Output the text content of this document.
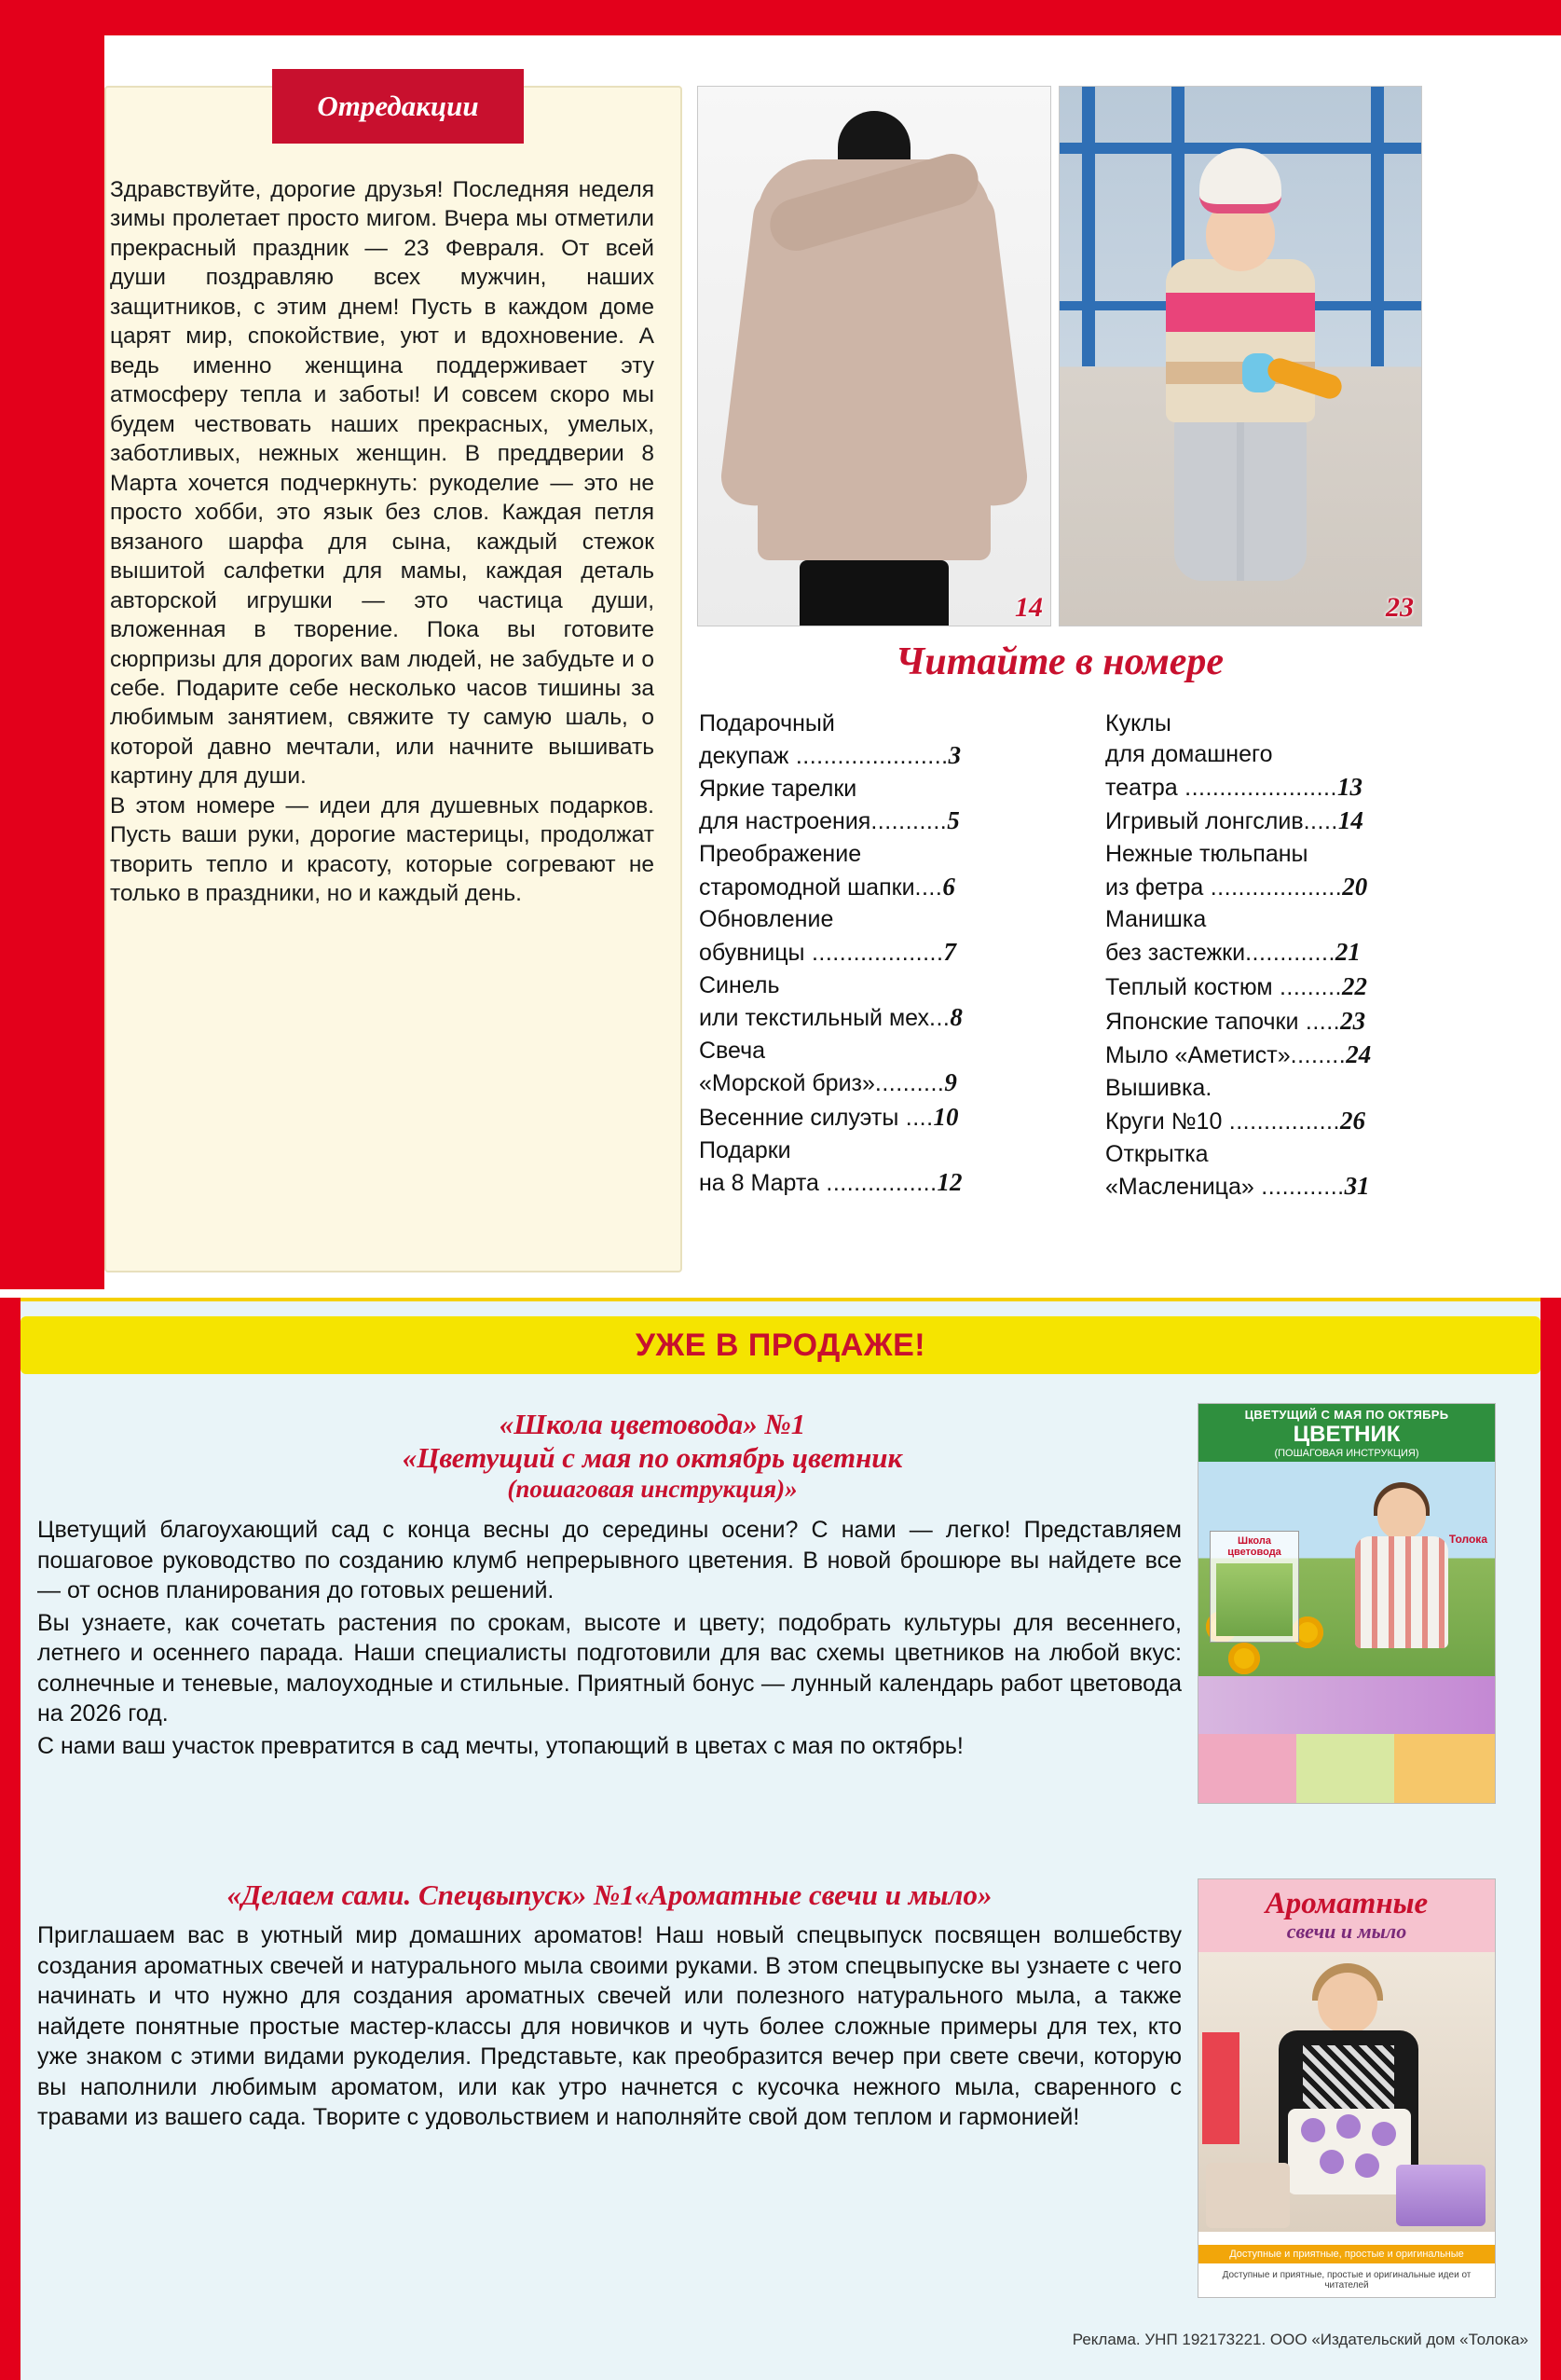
От редакции

Здравствуйте, дорогие друзья! Последняя неделя зимы пролетает просто мигом. Вчера мы отметили прекрасный праздник — 23 Февраля. От всей души поздравляю всех мужчин, наших защитников, с этим днем! Пусть в каждом доме царят мир, спокойствие, уют и вдохновение. А ведь именно женщина поддерживает эту атмосферу тепла и заботы! И совсем скоро мы будем чествовать наших прекрасных, умелых, заботливых, нежных женщин. В преддверии 8 Марта хочется подчеркнуть: рукоделие — это не просто хобби, это язык без слов. Каждая петля вязаного шарфа для сына, каждый стежок вышитой салфетки для мамы, каждая деталь авторской игрушки — это частица души, вложенная в творение. Пока вы готовите сюрпризы для дорогих вам людей, не забудьте и о себе. Подарите себе несколько часов тишины за любимым занятием, свяжите ту самую шаль, о которой давно мечтали, или начните вышивать картину для души.

В этом номере — идеи для душевных подарков. Пусть ваши руки, дорогие мастерицы, продолжат творить тепло и красоту, которые согревают не только в праздники, но и каждый день.

14	23
Читайте в номере
Подарочный
декупаж ......................3
Яркие тарелки
для настроения...........5
Преображение
старомодной шапки....6
Обновление
обувницы ...................7
Синель
или текстильный мех...8
Свеча
«Морской бриз»..........9
Весенние силуэты ....10
Подарки
на 8 Марта ................12
Куклы
для домашнего
театра ......................13
Игривый лонгслив.....14
Нежные тюльпаны
из фетра ...................20
Манишка
без застежки.............21
Теплый костюм .........22
Японские тапочки .....23
Мыло «Аметист»........24
Вышивка.
Круги №10 ................26
Открытка
«Масленица» ............31
УЖЕ В ПРОДАЖЕ!
«Школа цветовода» №1
«Цветущий с мая по октябрь цветник
(пошаговая инструкция)»

Цветущий благоухающий сад с конца весны до середины осени? С нами — легко! Представляем пошаговое руководство по созданию клумб непрерывного цветения. В новой брошюре вы найдете все — от основ планирования до готовых решений.

Вы узнаете, как сочетать растения по срокам, высоте и цвету; подобрать культуры для весеннего, летнего и осеннего парада. Наши специалисты подготовили для вас схемы цветников на любой вкус: солнечные и теневые, малоуходные и стильные. Приятный бонус — лунный календарь работ цветовода на 2026 год.

С нами ваш участок превратится в сад мечты, утопающий в цветах с мая по октябрь!

ЦВЕТУЩИЙ С МАЯ ПО ОКТЯБРЬ
ЦВЕТНИК
(ПОШАГОВАЯ ИНСТРУКЦИЯ)
Школа цветовода
Толока
«Делаем сами. Спецвыпуск» №1«Ароматные свечи и мыло»

Приглашаем вас в уютный мир домашних ароматов! Наш новый спецвыпуск посвящен волшебству создания ароматных свечей и натурального мыла своими руками. В этом спецвыпуске вы узнаете с чего начинать и что нужно для создания ароматных свечей или полезного натурального мыла, а также найдете понятные простые мастер-классы для новичков и чуть более сложные примеры для тех, кто уже знаком с этими видами рукоделия. Представьте, как преобразится вечер при свете свечи, которую вы наполнили любимым ароматом, или как утро начнется с кусочка нежного мыла, сваренного с травами из вашего сада. Творите с удовольствием и наполняйте свой дом теплом и гармонией!

Ароматные
свечи и мыло
Доступные и приятные, простые и оригинальные
Доступные и приятные, простые и оригинальные идеи от читателей
Реклама. УНП 192173221. ООО «Издательский дом «Толока»
